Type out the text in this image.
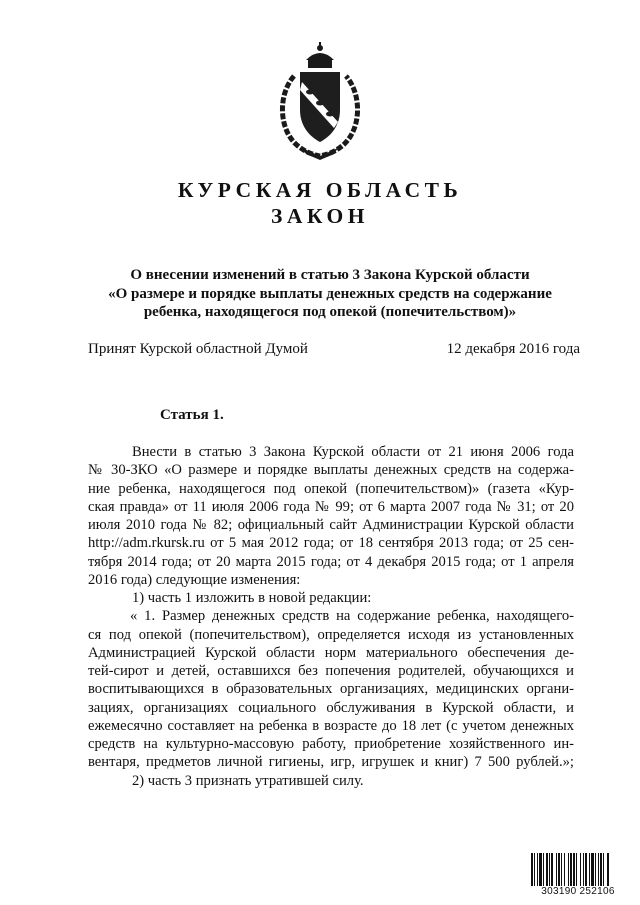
КУРСКАЯ ОБЛАСТЬ
ЗАКОН
О внесении изменений в статью 3 Закона Курской области
«О размере и порядке выплаты денежных средств на содержание
ребенка, находящегося под опекой (попечительством)»
Принят Курской областной Думой	12 декабря 2016 года
Статья 1.
Внести в статью 3 Закона Курской области от 21 июня 2006 года
№ 30-ЗКО «О размере и порядке выплаты денежных средств на содержа-
ние ребенка, находящегося под опекой (попечительством)» (газета «Кур-
ская правда» от 11 июля 2006 года № 99; от 6 марта 2007 года № 31; от 20
июля 2010 года № 82; официальный сайт Администрации Курской области
http://adm.rkursk.ru от 5 мая 2012 года; от 18 сентября 2013 года; от 25 сен-
тября 2014 года; от 20 марта 2015 года; от 4 декабря 2015 года; от 1 апреля
2016 года) следующие изменения:
1) часть 1 изложить в новой редакции:
« 1. Размер денежных средств на содержание ребенка, находящего-
ся под опекой (попечительством), определяется исходя из установленных
Администрацией Курской области норм материального обеспечения де-
тей-сирот и детей, оставшихся без попечения родителей, обучающихся и
воспитывающихся в образовательных организациях, медицинских органи-
зациях, организациях социального обслуживания в Курской области, и
ежемесячно составляет на ребенка в возрасте до 18 лет (с учетом денежных
средств на культурно-массовую работу, приобретение хозяйственного ин-
вентаря, предметов личной гигиены, игр, игрушек и книг) 7 500 рублей.»;
2) часть 3 признать утратившей силу.
303190 252106
